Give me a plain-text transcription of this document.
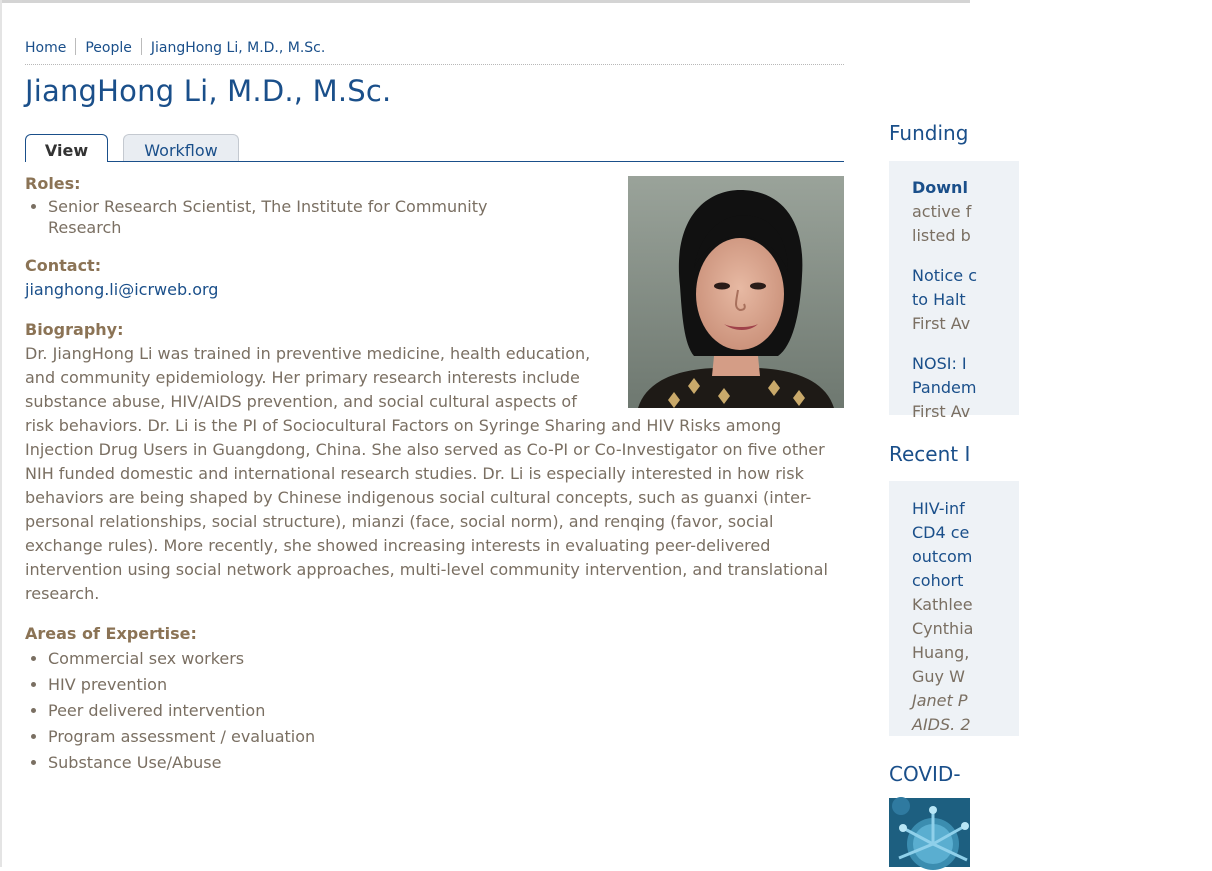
Home People JiangHong Li, M.D., M.Sc.
JiangHong Li, M.D., M.Sc.
View	Workflow
Roles:
• Senior Research Scientist, The Institute for Community Research
Contact:
jianghong.li@icrweb.org
Biography:
Dr. JiangHong Li was trained in preventive medicine, health education, and community epidemiology. Her primary research interests include substance abuse, HIV/AIDS prevention, and social cultural aspects of risk behaviors. Dr. Li is the PI of Sociocultural Factors on Syringe Sharing and HIV Risks among Injection Drug Users in Guangdong, China. She also served as Co-PI or Co-Investigator on five other NIH funded domestic and international research studies. Dr. Li is especially interested in how risk behaviors are being shaped by Chinese indigenous social cultural concepts, such as guanxi (inter-personal relationships, social structure), mianzi (face, social norm), and renqing (favor, social exchange rules). More recently, she showed increasing interests in evaluating peer-delivered intervention using social network approaches, multi-level community intervention, and translational research.
Areas of Expertise:
• Commercial sex workers
• HIV prevention
• Peer delivered intervention
• Program assessment / evaluation
• Substance Use/Abuse
Funding
Downl
active f
listed b
Notice c
to Halt
First Av
NOSI: I
Pandem
First Av
Recent I
HIV-inf
CD4 ce
outcom
cohort
Kathlee
Cynthia
Huang,
Guy W
Janet P
AIDS. 2
COVID-
